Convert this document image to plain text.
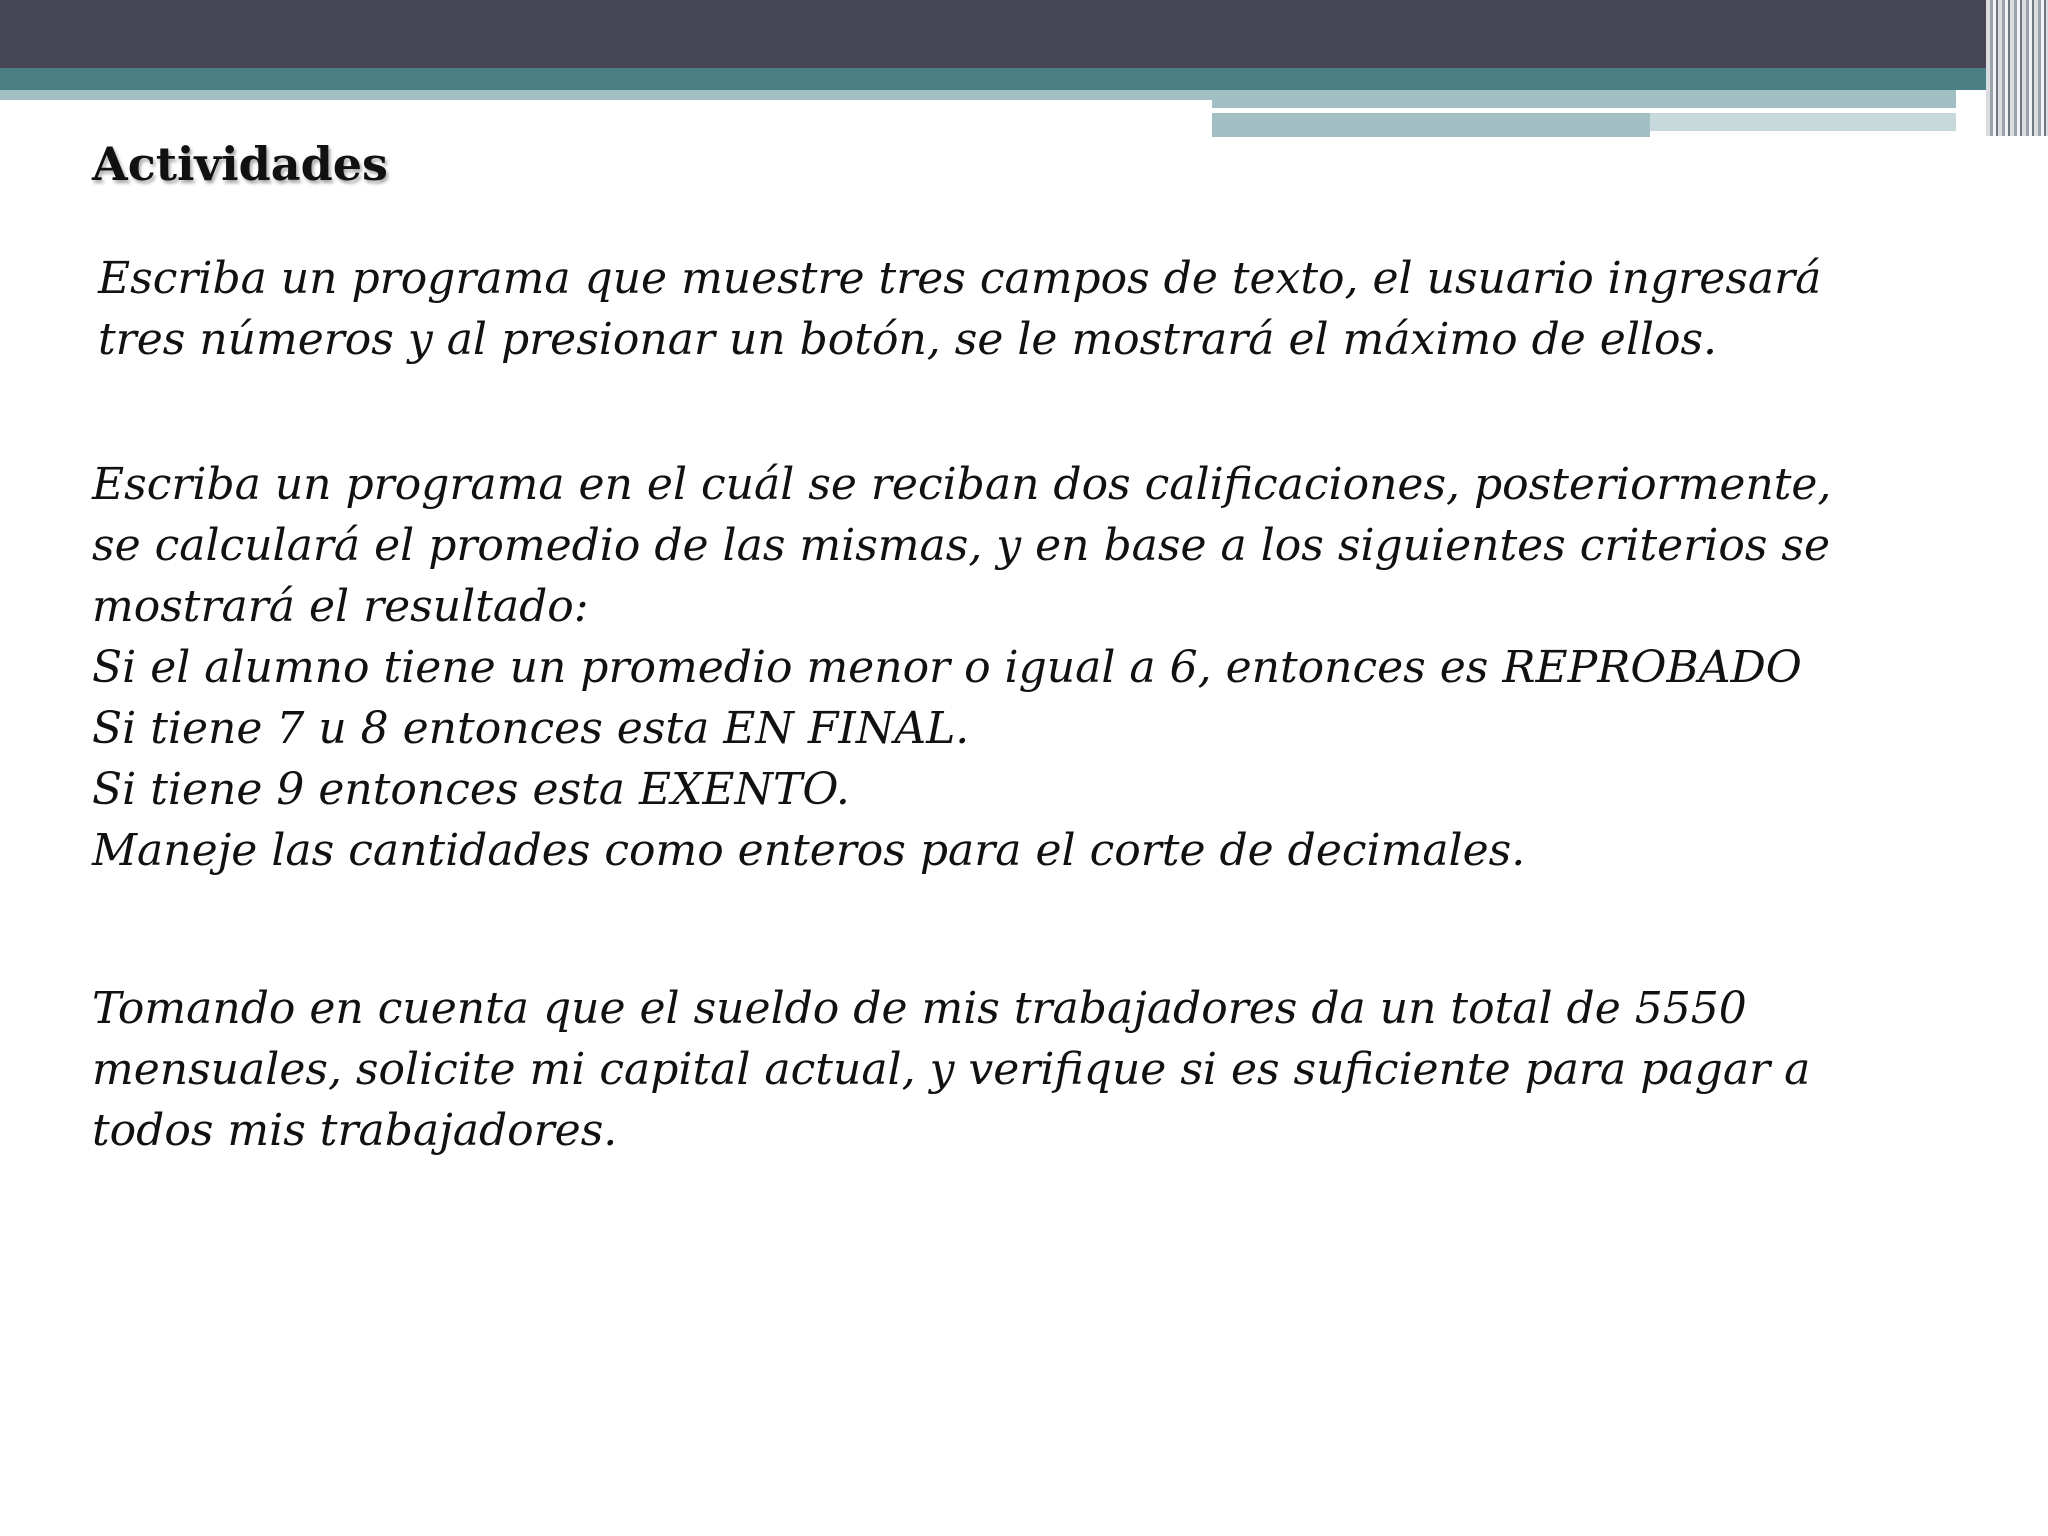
Actividades

Escriba un programa que muestre tres campos de texto, el usuario ingresará
tres números y al presionar un botón, se le mostrará el máximo de ellos.

Escriba un programa en el cuál se reciban dos calificaciones, posteriormente,
se calculará el promedio de las mismas, y en base a los siguientes criterios se
mostrará el resultado:
Si el alumno tiene un promedio menor o igual a 6, entonces es REPROBADO
Si tiene 7 u 8 entonces esta EN FINAL.
Si tiene 9 entonces esta EXENTO.
Maneje las cantidades como enteros para el corte de decimales.

Tomando en cuenta que el sueldo de mis trabajadores da un total de 5550
mensuales, solicite mi capital actual, y verifique si es suficiente para pagar a
todos mis trabajadores.
